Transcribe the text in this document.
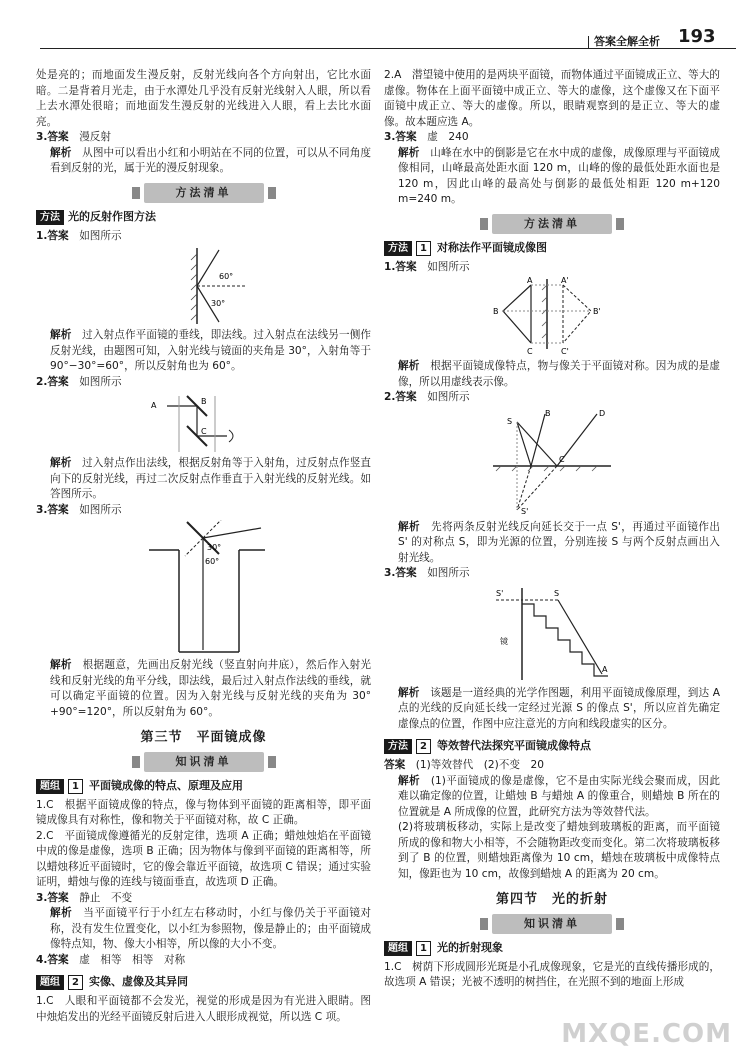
答案全解全析 193

处是亮的；而地面发生漫反射，反射光线向各个方向射出，它比水面暗。二是背着月光走，由于水潭处几乎没有反射光线射入人眼，所以看上去水潭处很暗；而地面发生漫反射的光线进入人眼，看上去比水面亮。

3.答案　 漫反射

解析　 从图中可以看出小红和小明站在不同的位置，可以从不同角度看到反射的光，属于光的漫反射现象。

方法清单
方法 光的反射作图方法

1.答案　 如图所示

60°
30°

解析　 过入射点作平面镜的垂线，即法线。过入射点在法线另一侧作反射光线，由题图可知，入射光线与镜面的夹角是 30°，入射角等于 90°−30°=60°，所以反射角也为 60°。

2.答案　 如图所示

A	B
C

解析　 过入射点作出法线，根据反射角等于入射角，过反射点作竖直向下的反射光线，再过二次反射点作垂直于入射光线的反射光线。如答图所示。

3.答案　 如图所示

30°
60°

解析　 根据题意，先画出反射光线（竖直射向井底），然后作入射光线和反射光线的角平分线，即法线，最后过入射点作法线的垂线，就可以确定平面镜的位置。因为入射光线与反射光线的夹角为 30°+90°=120°，所以反射角为 60°。

第三节　平面镜成像
知识清单
题组 1 平面镜成像的特点、原理及应用

1.C　根据平面镜成像的特点，像与物体到平面镜的距离相等，即平面镜成像具有对称性，像和物关于平面镜对称，故 C 正确。

2.C　平面镜成像遵循光的反射定律，选项 A 正确；蜡烛烛焰在平面镜中成的像是虚像，选项 B 正确；因为物体与像到平面镜的距离相等，所以蜡烛移近平面镜时，它的像会靠近平面镜，故选项 C 错误；通过实验证明，蜡烛与像的连线与镜面垂直，故选项 D 正确。

3.答案　 静止　不变

解析　 当平面镜平行于小红左右移动时，小红与像仍关于平面镜对称，没有发生位置变化，以小红为参照物，像是静止的；由平面镜成像特点知，物、像大小相等，所以像的大小不变。

4.答案　 虚　相等　相等　对称

题组 2 实像、虚像及其异同

1.C　人眼和平面镜都不会发光，视觉的形成是因为有光进入眼睛。图中烛焰发出的光经平面镜反射后进入人眼形成视觉，所以选 C 项。

2.A　潜望镜中使用的是两块平面镜，而物体通过平面镜成正立、等大的虚像。物体在上面平面镜中成正立、等大的虚像，这个虚像又在下面平面镜中成正立、等大的虚像。所以，眼睛观察到的是正立、等大的虚像。故本题应选 A。

3.答案　 虚　240

解析　 山峰在水中的倒影是它在水中成的虚像，成像原理与平面镜成像相同，山峰最高处距水面 120 m，山峰的像的最低处距水面也是 120 m，因此山峰的最高处与倒影的最低处相距 120 m+120 m=240 m。

方法清单
方法 1 对称法作平面镜成像图

1.答案　 如图所示

A	A'
B	B'
C	C'

解析　 根据平面镜成像特点，物与像关于平面镜对称。因为成的是虚像，所以用虚线表示像。

2.答案　 如图所示

S
B	D
C
S'

解析　 先将两条反射光线反向延长交于一点 S'，再通过平面镜作出 S' 的对称点 S，即为光源的位置，分别连接 S 与两个反射点画出入射光线。

3.答案　 如图所示

S'	S
镜
A

解析　 该题是一道经典的光学作图题，利用平面镜成像原理，到达 A 点的光线的反向延长线一定经过光源 S 的像点 S'，所以应首先确定虚像点的位置，作图中应注意光的方向和线段虚实的区分。

方法 2 等效替代法探究平面镜成像特点

答案　 (1)等效替代　(2)不变　20

解析　 (1)平面镜成的像是虚像，它不是由实际光线会聚而成，因此难以确定像的位置，让蜡烛 B 与蜡烛 A 的像重合，则蜡烛 B 所在的位置就是 A 所成像的位置，此研究方法为等效替代法。

(2)将玻璃板移动，实际上是改变了蜡烛到玻璃板的距离，而平面镜所成的像和物大小相等，不会随物距改变而变化。第二次将玻璃板移到了 B 的位置，则蜡烛距离像为 10 cm，蜡烛在玻璃板中成像特点知，像距也为 10 cm，故像到蜡烛 A 的距离为 20 cm。

第四节　光的折射
知识清单
题组 1 光的折射现象

1.C　树荫下形成圆形光斑是小孔成像现象，它是光的直线传播形成的，故选项 A 错误；光被不透明的树挡住，在光照不到的地面上形成

MXQE.COM
